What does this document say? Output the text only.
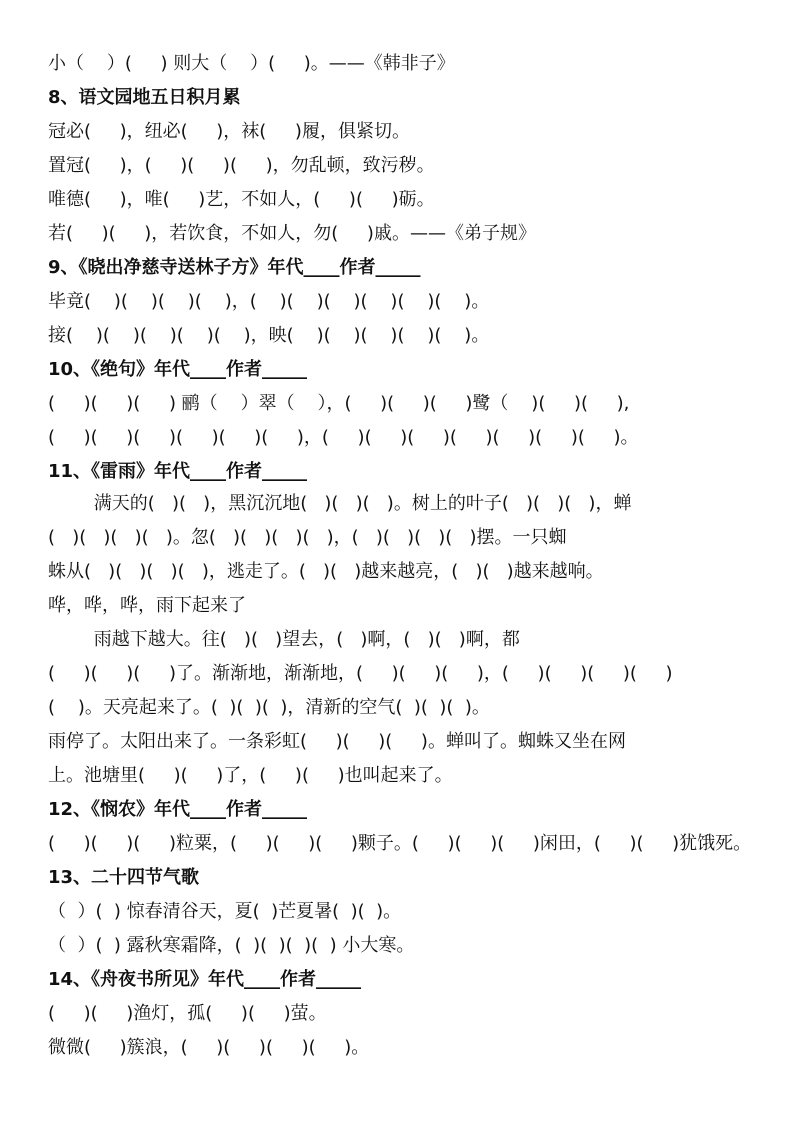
小（    ）(     ) 则大（    ）(     )。——《韩非子》
8、语文园地五日积月累
冠必(     )，纽必(     )，袜(     )履，俱紧切。
置冠(     )，(     )(     )(     )，勿乱顿，致污秽。
唯德(     )，唯(     )艺，不如人，(     )(     )砺。
若(     )(     )，若饮食，不如人，勿(     )戚。——《弟子规》
9、《晓出净慈寺送林子方》年代____作者_____
毕竟(    )(    )(    )(    )，(    )(    )(    )(    )(    )(    )。
接(    )(    )(    )(    )(    )，映(    )(    )(    )(    )(    )。
10、《绝句》年代____作者_____
(     )(     )(     ) 鹂（    ）翠（    ），(     )(     )(     )鹭（    )(     )(     ),
(     )(     )(     )(     )(     )(     )，(     )(     )(     )(     )(     )(     )(     )。
11、《雷雨》年代____作者_____
满天的(   )(   )，黑沉沉地(   )(   )(   )。树上的叶子(   )(   )(   )，蝉
(   )(   )(   )(   )。忽(   )(   )(   )(   )，(   )(   )(   )(   )摆。一只蜘
蛛从(   )(   )(   )(   )，逃走了。(   )(   )越来越亮，(   )(   )越来越响。
哗，哗，哗，雨下起来了
雨越下越大。往(   )(   )望去，(   )啊，(   )(   )啊，都
(     )(     )(     )了。渐渐地，渐渐地，(     )(     )(     )，(     )(     )(     )(     )
(    )。天亮起来了。(  )(  )(  )，清新的空气(  )(  )(  )。
雨停了。太阳出来了。一条彩虹(     )(     )(     )。蝉叫了。蜘蛛又坐在网
上。池塘里(     )(     )了，(     )(     )也叫起来了。
12、《悯农》年代____作者_____
(     )(     )(     )粒粟，(     )(     )(     )颗子。(     )(     )(     )闲田，(     )(     )犹饿死。
13、二十四节气歌
（  ）(  ) 惊春清谷天，夏(  )芒夏暑(  )(  )。
（  ）(  ) 露秋寒霜降，(  )(  )(  )(  ) 小大寒。
14、《舟夜书所见》年代____作者_____
(     )(     )渔灯，孤(     )(     )萤。
微微(     )簇浪，(     )(     )(     )(     )。
